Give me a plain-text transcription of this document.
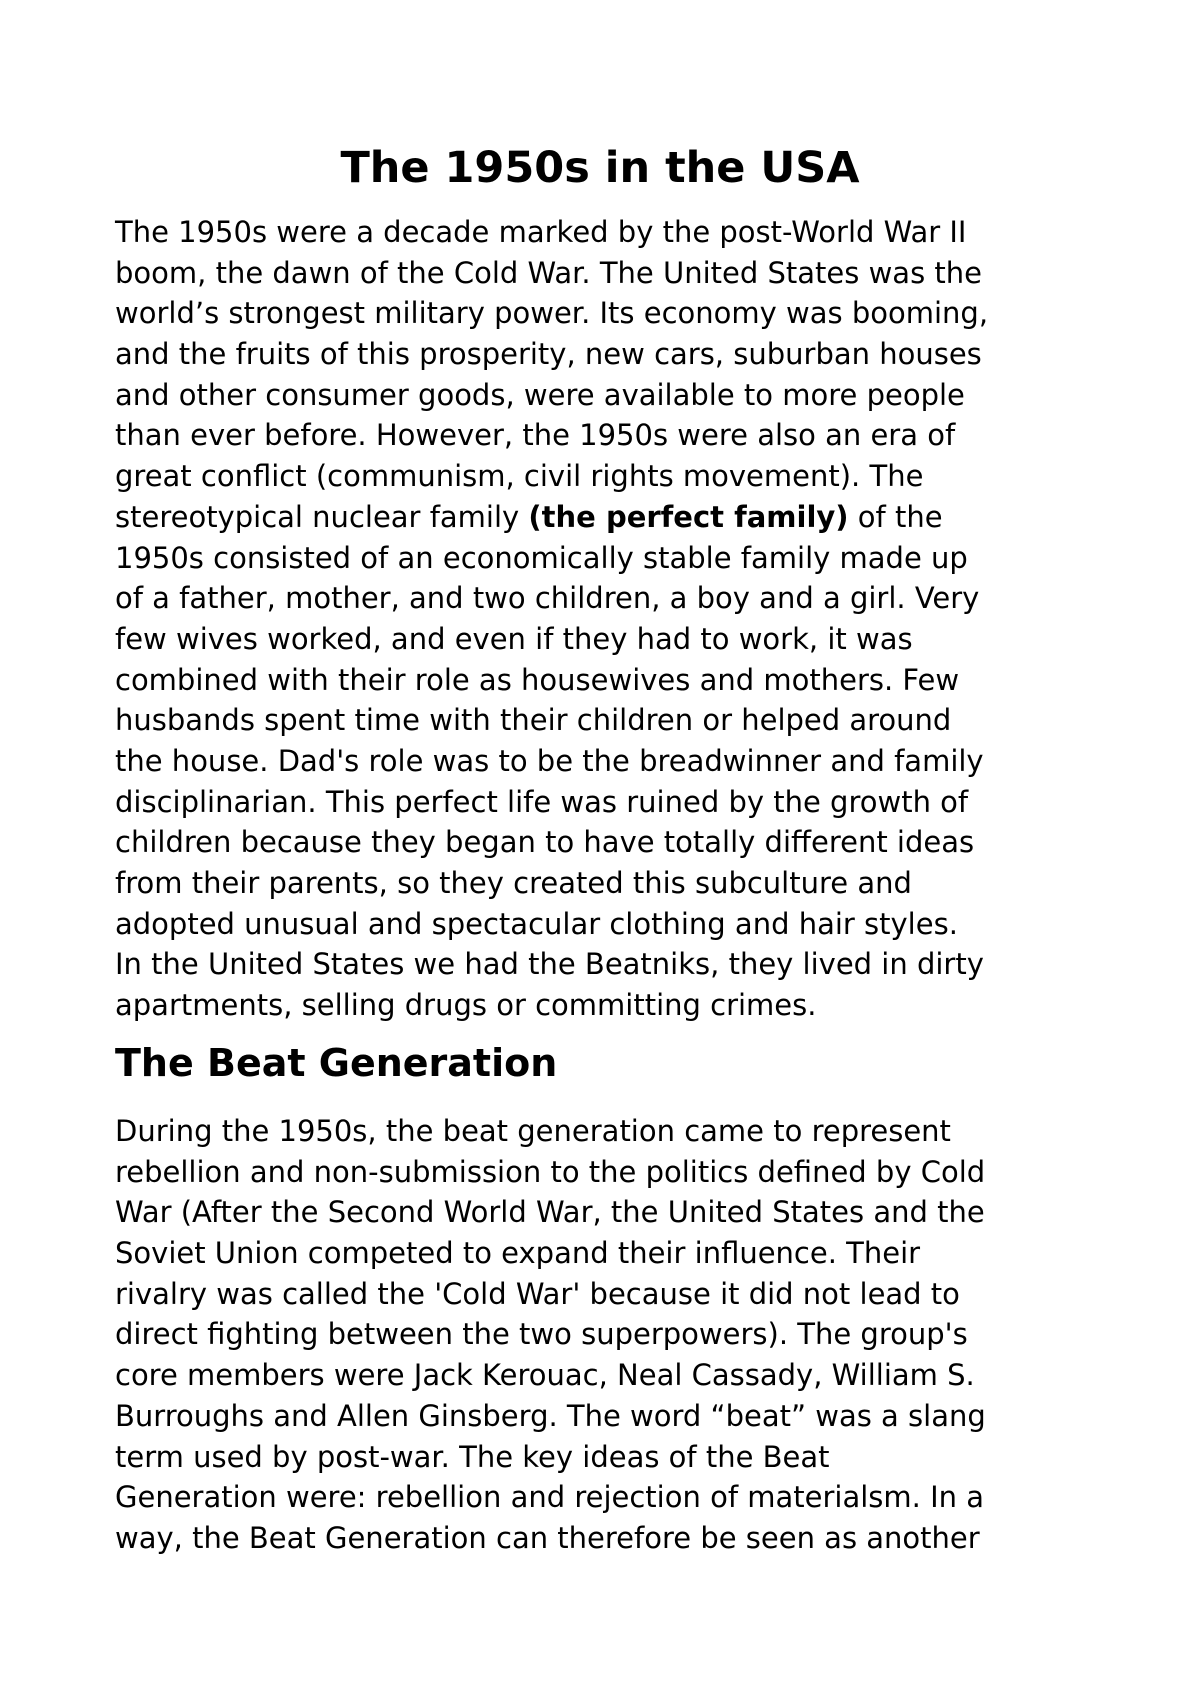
The 1950s in the USA
The 1950s were a decade marked by the post-World War II
boom, the dawn of the Cold War. The United States was the
world’s strongest military power. Its economy was booming,
and the fruits of this prosperity, new cars, suburban houses
and other consumer goods, were available to more people
than ever before. However, the 1950s were also an era of
great conflict (communism, civil rights movement). The
stereotypical nuclear family (the perfect family) of the
1950s consisted of an economically stable family made up
of a father, mother, and two children, a boy and a girl. Very
few wives worked, and even if they had to work, it was
combined with their role as housewives and mothers. Few
husbands spent time with their children or helped around
the house. Dad's role was to be the breadwinner and family
disciplinarian. This perfect life was ruined by the growth of
children because they began to have totally different ideas
from their parents, so they created this subculture and
adopted unusual and spectacular clothing and hair styles.
In the United States we had the Beatniks, they lived in dirty
apartments, selling drugs or committing crimes.
The Beat Generation
During the 1950s, the beat generation came to represent
rebellion and non-submission to the politics defined by Cold
War (After the Second World War, the United States and the
Soviet Union competed to expand their influence. Their
rivalry was called the 'Cold War' because it did not lead to
direct fighting between the two superpowers). The group's
core members were Jack Kerouac, Neal Cassady, William S.
Burroughs and Allen Ginsberg. The word “beat” was a slang
term used by post-war. The key ideas of the Beat
Generation were: rebellion and rejection of materialsm. In a
way, the Beat Generation can therefore be seen as another
